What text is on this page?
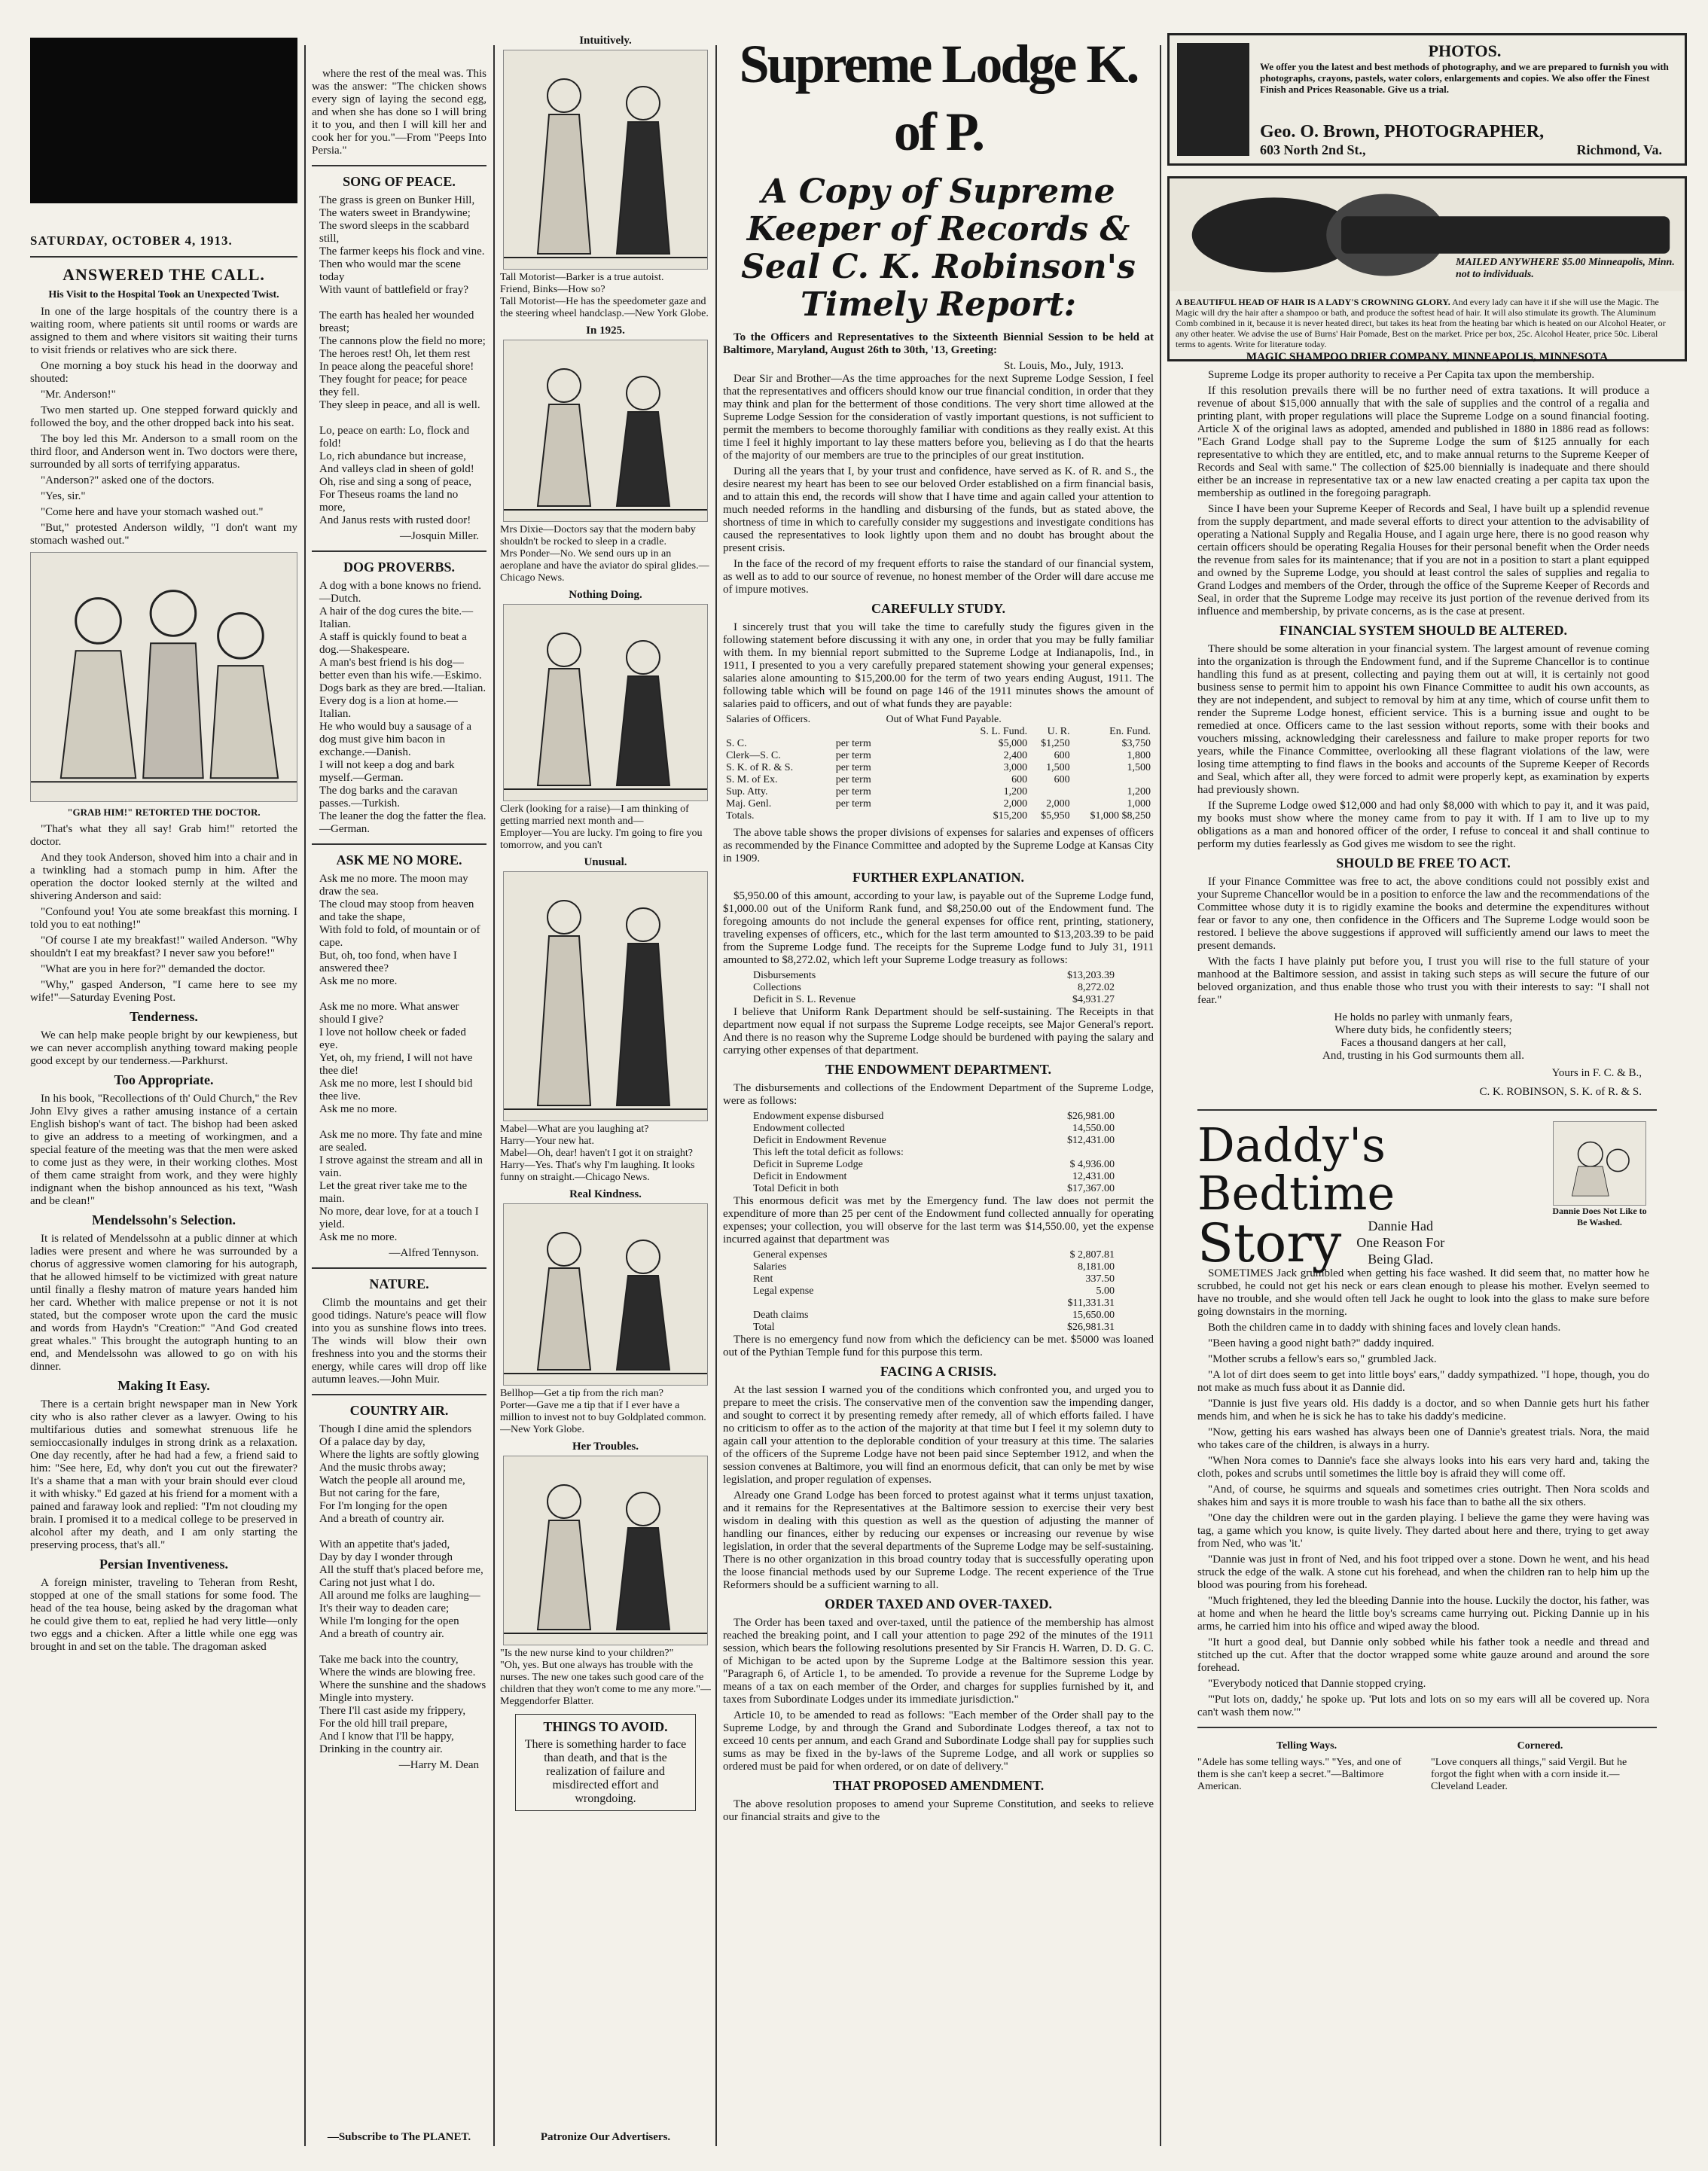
SATURDAY, OCTOBER 4, 1913.
ANSWERED THE CALL.
His Visit to the Hospital Took an Unexpected Twist.

In one of the large hospitals of the country there is a waiting room, where patients sit until rooms or wards are assigned to them and where visitors sit waiting their turns to visit friends or relatives who are sick there.

One morning a boy stuck his head in the doorway and shouted:

"Mr. Anderson!"

Two men started up. One stepped forward quickly and followed the boy, and the other dropped back into his seat.

The boy led this Mr. Anderson to a small room on the third floor, and Anderson went in. Two doctors were there, surrounded by all sorts of terrifying apparatus.

"Anderson?" asked one of the doctors.

"Yes, sir."

"Come here and have your stomach washed out."

"But," protested Anderson wildly, "I don't want my stomach washed out."

"GRAB HIM!" RETORTED THE DOCTOR.

"That's what they all say! Grab him!" retorted the doctor.

And they took Anderson, shoved him into a chair and in a twinkling had a stomach pump in him. After the operation the doctor looked sternly at the wilted and shivering Anderson and said:

"Confound you! You ate some breakfast this morning. I told you to eat nothing!"

"Of course I ate my breakfast!" wailed Anderson. "Why shouldn't I eat my breakfast? I never saw you before!"

"What are you in here for?" demanded the doctor.

"Why," gasped Anderson, "I came here to see my wife!"—Saturday Evening Post.

Tenderness.

We can help make people bright by our kewpieness, but we can never accomplish anything toward making people good except by our tenderness.—Parkhurst.

Too Appropriate.

In his book, "Recollections of th' Ould Church," the Rev John Elvy gives a rather amusing instance of a certain English bishop's want of tact. The bishop had been asked to give an address to a meeting of workingmen, and a special feature of the meeting was that the men were asked to come just as they were, in their working clothes. Most of them came straight from work, and they were highly indignant when the bishop announced as his text, "Wash and be clean!"

Mendelssohn's Selection.

It is related of Mendelssohn at a public dinner at which ladies were present and where he was surrounded by a chorus of aggressive women clamoring for his autograph, that he allowed himself to be victimized with great nature until finally a fleshy matron of mature years handed him her card. Whether with malice prepense or not it is not stated, but the composer wrote upon the card the music and words from Haydn's "Creation:" "And God created great whales." This brought the autograph hunting to an end, and Mendelssohn was allowed to go on with his dinner.

Making It Easy.

There is a certain bright newspaper man in New York city who is also rather clever as a lawyer. Owing to his multifarious duties and somewhat strenuous life he semioccasionally indulges in strong drink as a relaxation. One day recently, after he had had a few, a friend said to him: "See here, Ed, why don't you cut out the firewater? It's a shame that a man with your brain should ever cloud it with whisky." Ed gazed at his friend for a moment with a pained and faraway look and replied: "I'm not clouding my brain. I promised it to a medical college to be preserved in alcohol after my death, and I am only starting the preserving process, that's all."

Persian Inventiveness.

A foreign minister, traveling to Teheran from Resht, stopped at one of the small stations for some food. The head of the tea house, being asked by the dragoman what he could give them to eat, replied he had very little—only two eggs and a chicken. After a little while one egg was brought in and set on the table. The dragoman asked

where the rest of the meal was. This was the answer: "The chicken shows every sign of laying the second egg, and when she has done so I will bring it to you, and then I will kill her and cook her for you."—From "Peeps Into Persia."

SONG OF PEACE.
The grass is green on Bunker Hill,
The waters sweet in Brandywine;
The sword sleeps in the scabbard still,
The farmer keeps his flock and vine.
Then who would mar the scene today
With vaunt of battlefield or fray?

The earth has healed her wounded breast;
The cannons plow the field no more;
The heroes rest! Oh, let them rest
In peace along the peaceful shore!
They fought for peace; for peace they fell.
They sleep in peace, and all is well.

Lo, peace on earth: Lo, flock and fold!
Lo, rich abundance but increase,
And valleys clad in sheen of gold!
Oh, rise and sing a song of peace,
For Theseus roams the land no more,
And Janus rests with rusted door!
—Josquin Miller.
DOG PROVERBS.
A dog with a bone knows no friend.—Dutch.
A hair of the dog cures the bite.—Italian.
A staff is quickly found to beat a dog.—Shakespeare.
A man's best friend is his dog—better even than his wife.—Eskimo.
Dogs bark as they are bred.—Italian.
Every dog is a lion at home.—Italian.
He who would buy a sausage of a dog must give him bacon in exchange.—Danish.
I will not keep a dog and bark myself.—German.
The dog barks and the caravan passes.—Turkish.
The leaner the dog the fatter the flea.—German.
ASK ME NO MORE.
Ask me no more. The moon may draw the sea.
The cloud may stoop from heaven and take the shape,
With fold to fold, of mountain or of cape.
But, oh, too fond, when have I answered thee?
Ask me no more.

Ask me no more. What answer should I give?
I love not hollow cheek or faded eye.
Yet, oh, my friend, I will not have thee die!
Ask me no more, lest I should bid thee live.
Ask me no more.

Ask me no more. Thy fate and mine are sealed.
I strove against the stream and all in vain.
Let the great river take me to the main.
No more, dear love, for at a touch I yield.
Ask me no more.
—Alfred Tennyson.
NATURE.

Climb the mountains and get their good tidings. Nature's peace will flow into you as sunshine flows into trees. The winds will blow their own freshness into you and the storms their energy, while cares will drop off like autumn leaves.—John Muir.

COUNTRY AIR.
Though I dine amid the splendors
Of a palace day by day,
Where the lights are softly glowing
And the music throbs away;
Watch the people all around me,
But not caring for the fare,
For I'm longing for the open
And a breath of country air.

With an appetite that's jaded,
Day by day I wonder through
All the stuff that's placed before me,
Caring not just what I do.
All around me folks are laughing—
It's their way to deaden care;
While I'm longing for the open
And a breath of country air.

Take me back into the country,
Where the winds are blowing free.
Where the sunshine and the shadows
Mingle into mystery.
There I'll cast aside my frippery,
For the old hill trail prepare,
And I know that I'll be happy,
Drinking in the country air.
—Harry M. Dean
—Subscribe to The PLANET.
Intuitively.
Tall Motorist—Barker is a true autoist.
Friend, Binks—How so?
Tall Motorist—He has the speedometer gaze and the steering wheel handclasp.—New York Globe.
In 1925.
Mrs Dixie—Doctors say that the modern baby shouldn't be rocked to sleep in a cradle.
Mrs Ponder—No. We send ours up in an aeroplane and have the aviator do spiral glides.—Chicago News.
Nothing Doing.
Clerk (looking for a raise)—I am thinking of getting married next month and—
Employer—You are lucky. I'm going to fire you tomorrow, and you can't
Unusual.
Mabel—What are you laughing at?
Harry—Your new hat.
Mabel—Oh, dear! haven't I got it on straight?
Harry—Yes. That's why I'm laughing. It looks funny on straight.—Chicago News.
Real Kindness.
Bellhop—Get a tip from the rich man?
Porter—Gave me a tip that if I ever have a million to invest not to buy Goldplated common.—New York Globe.
Her Troubles.
"Is the new nurse kind to your children?"
"Oh, yes. But one always has trouble with the nurses. The new one takes such good care of the children that they won't come to me any more."—Meggendorfer Blatter.
THINGS TO AVOID.
There is something harder to face than death, and that is the realization of failure and misdirected effort and wrongdoing.
Patronize Our Advertisers.
Supreme Lodge K. of P.
A Copy of Supreme Keeper of Records & Seal C. K. Robinson's Timely Report:

To the Officers and Representatives to the Sixteenth Biennial Session to be held at Baltimore, Maryland, August 26th to 30th, '13, Greeting:

St. Louis, Mo., July, 1913.

Dear Sir and Brother—As the time approaches for the next Supreme Lodge Session, I feel that the representatives and officers should know our true financial condition, in order that they may think and plan for the betterment of those conditions. The very short time allowed at the Supreme Lodge Session for the consideration of vastly important questions, is not sufficient to permit the members to become thoroughly familiar with conditions as they really exist. At this time I feel it highly important to lay these matters before you, believing as I do that the hearts of the majority of our members are true to the principles of our great institution.

During all the years that I, by your trust and confidence, have served as K. of R. and S., the desire nearest my heart has been to see our beloved Order established on a firm financial basis, and to attain this end, the records will show that I have time and again called your attention to much needed reforms in the handling and disbursing of the funds, but as stated above, the shortness of time in which to carefully consider my suggestions and investigate conditions has caused the representatives to look lightly upon them and no doubt has brought about the present crisis.

In the face of the record of my frequent efforts to raise the standard of our financial system, as well as to add to our source of revenue, no honest member of the Order will dare accuse me of impure motives.

CAREFULLY STUDY.

I sincerely trust that you will take the time to carefully study the figures given in the following statement before discussing it with any one, in order that you may be fully familiar with them. In my biennial report submitted to the Supreme Lodge at Indianapolis, Ind., in 1911, I presented to you a very carefully prepared statement showing your general expenses; salaries alone amounting to $15,200.00 for the term of two years ending August, 1911. The following table which will be found on page 146 of the 1911 minutes shows the amount of salaries paid to officers, and out of what funds they are payable:

Salaries of Officers.		Out of What Fund Payable.		
		S. L. Fund.	U. R.	En. Fund.
S. C.	per term	$5,000	$1,250	$3,750
Clerk—S. C.	per term	2,400	600	1,800
S. K. of R. & S.	per term	3,000	1,500	1,500
S. M. of Ex.	per term	600	600	
Sup. Atty.	per term	1,200		1,200
Maj. Genl.	per term	2,000	2,000	1,000
Totals.		$15,200	$5,950	$1,000 $8,250

The above table shows the proper divisions of expenses for salaries and expenses of officers as recommended by the Finance Committee and adopted by the Supreme Lodge at Kansas City in 1909.

FURTHER EXPLANATION.

$5,950.00 of this amount, according to your law, is payable out of the Supreme Lodge fund, $1,000.00 out of the Uniform Rank fund, and $8,250.00 out of the Endowment fund. The foregoing amounts do not include the general expenses for office rent, printing, stationery, traveling expenses of officers, etc., which for the last term amounted to $13,203.39 to be paid from the Supreme Lodge fund. The receipts for the Supreme Lodge fund to July 31, 1911 amounted to $8,272.02, which left your Supreme Lodge treasury as follows:

Disbursements	$13,203.39
Collections	8,272.02
Deficit in S. L. Revenue	$4,931.27

I believe that Uniform Rank Department should be self-sustaining. The Receipts in that department now equal if not surpass the Supreme Lodge receipts, see Major General's report. And there is no reason why the Supreme Lodge should be burdened with paying the salary and carrying other expenses of that department.

THE ENDOWMENT DEPARTMENT.

The disbursements and collections of the Endowment Department of the Supreme Lodge, were as follows:

Endowment expense disbursed	$26,981.00
Endowment collected	14,550.00
Deficit in Endowment Revenue	$12,431.00
This left the total deficit as follows:
Deficit in Supreme Lodge	$ 4,936.00
Deficit in Endowment	12,431.00
Total Deficit in both	$17,367.00

This enormous deficit was met by the Emergency fund. The law does not permit the expenditure of more than 25 per cent of the Endowment fund collected annually for operating expenses; your collection, you will observe for the last term was $14,550.00, yet the expense incurred against that department was

General expenses	$ 2,807.81
Salaries	8,181.00
Rent	337.50
Legal expense	5.00
$11,331.31
Death claims	15,650.00
Total	$26,981.31

There is no emergency fund now from which the deficiency can be met. $5000 was loaned out of the Pythian Temple fund for this purpose this term.

FACING A CRISIS.

At the last session I warned you of the conditions which confronted you, and urged you to prepare to meet the crisis. The conservative men of the convention saw the impending danger, and sought to correct it by presenting remedy after remedy, all of which efforts failed. I have no criticism to offer as to the action of the majority at that time but I feel it my solemn duty to again call your attention to the deplorable condition of your treasury at this time. The salaries of the officers of the Supreme Lodge have not been paid since September 1912, and when the session convenes at Baltimore, you will find an enormous deficit, that can only be met by wise legislation, and proper regulation of expenses.

Already one Grand Lodge has been forced to protest against what it terms unjust taxation, and it remains for the Representatives at the Baltimore session to exercise their very best wisdom in dealing with this question as well as the question of adjusting the manner of handling our finances, either by reducing our expenses or increasing our revenue by wise legislation, in order that the several departments of the Supreme Lodge may be self-sustaining. There is no other organization in this broad country today that is successfully operating upon the loose financial methods used by our Supreme Lodge. The recent experience of the True Reformers should be a sufficient warning to all.

ORDER TAXED AND OVER-TAXED.

The Order has been taxed and over-taxed, until the patience of the membership has almost reached the breaking point, and I call your attention to page 292 of the minutes of the 1911 session, which bears the following resolutions presented by Sir Francis H. Warren, D. D. G. C. of Michigan to be acted upon by the Supreme Lodge at the Baltimore session this year. "Paragraph 6, of Article 1, to be amended. To provide a revenue for the Supreme Lodge by means of a tax on each member of the Order, and charges for supplies furnished by it, and taxes from Subordinate Lodges under its immediate jurisdiction."

Article 10, to be amended to read as follows: "Each member of the Order shall pay to the Supreme Lodge, by and through the Grand and Subordinate Lodges thereof, a tax not to exceed 10 cents per annum, and each Grand and Subordinate Lodge shall pay for supplies such sums as may be fixed in the by-laws of the Supreme Lodge, and all work or supplies so ordered must be paid for when ordered, or on date of delivery."

THAT PROPOSED AMENDMENT.

The above resolution proposes to amend your Supreme Constitution, and seeks to relieve our financial straits and give to the

PHOTOS.
We offer you the latest and best methods of photography, and we are prepared to furnish you with photographs, crayons, pastels, water colors, enlargements and copies. We also offer the Finest Finish and Prices Reasonable. Give us a trial.
Geo. O. Brown, PHOTOGRAPHER,
603 North 2nd St.,	Richmond, Va.
MAILED ANYWHERE $5.00 Minneapolis, Minn. not to individuals.
A BEAUTIFUL HEAD OF HAIR IS A LADY'S CROWNING GLORY. And every lady can have it if she will use the Magic. The Magic will dry the hair after a shampoo or bath, and produce the softest head of hair. It will also stimulate its growth. The Aluminum Comb combined in it, because it is never heated direct, but takes its heat from the heating bar which is heated on our Alcohol Heater, or any other heater. We advise the use of Burns' Hair Pomade, Best on the market. Price per box, 25c. Alcohol Heater, price 50c. Liberal terms to agents. Write for literature today.
MAGIC SHAMPOO DRIER COMPANY, MINNEAPOLIS, MINNESOTA

Supreme Lodge its proper authority to receive a Per Capita tax upon the membership.

If this resolution prevails there will be no further need of extra taxations. It will produce a revenue of about $15,000 annually that with the sale of supplies and the control of a regalia and printing plant, with proper regulations will place the Supreme Lodge on a sound financial footing. Article X of the original laws as adopted, amended and published in 1880 in 1886 read as follows: "Each Grand Lodge shall pay to the Supreme Lodge the sum of $125 annually for each representative to which they are entitled, etc, and to make annual returns to the Supreme Keeper of Records and Seal with same." The collection of $25.00 biennially is inadequate and there should either be an increase in representative tax or a new law enacted creating a per capita tax upon the membership as outlined in the foregoing paragraph.

Since I have been your Supreme Keeper of Records and Seal, I have built up a splendid revenue from the supply department, and made several efforts to direct your attention to the advisability of operating a National Supply and Regalia House, and I again urge here, there is no good reason why certain officers should be operating Regalia Houses for their personal benefit when the Order needs the revenue from sales for its maintenance; that if you are not in a position to start a plant equipped and owned by the Supreme Lodge, you should at least control the sales of supplies and regalia to Grand Lodges and members of the Order, through the office of the Supreme Keeper of Records and Seal, in order that the Supreme Lodge may receive its just portion of the revenue derived from its influence and membership, by private concerns, as is the case at present.

FINANCIAL SYSTEM SHOULD BE ALTERED.

There should be some alteration in your financial system. The largest amount of revenue coming into the organization is through the Endowment fund, and if the Supreme Chancellor is to continue handling this fund as at present, collecting and paying them out at will, it is certainly not good business sense to permit him to appoint his own Finance Committee to audit his own accounts, as they are not independent, and subject to removal by him at any time, which of course unfit them to render the Supreme Lodge honest, efficient service. This is a burning issue and ought to be remedied at once. Officers came to the last session without reports, some with their books and vouchers missing, acknowledging their carelessness and failure to make proper reports for two years, while the Finance Committee, overlooking all these flagrant violations of the law, were losing time attempting to find flaws in the books and accounts of the Supreme Keeper of Records and Seal, which after all, they were forced to admit were properly kept, as examination by experts had previously shown.

If the Supreme Lodge owed $12,000 and had only $8,000 with which to pay it, and it was paid, my books must show where the money came from to pay it with. If I am to live up to my obligations as a man and honored officer of the order, I refuse to conceal it and shall continue to perform my duties fearlessly as God gives me wisdom to see the right.

SHOULD BE FREE TO ACT.

If your Finance Committee was free to act, the above conditions could not possibly exist and your Supreme Chancellor would be in a position to enforce the law and the recommendations of the Committee whose duty it is to rigidly examine the books and determine the expenditures without fear or favor to any one, then confidence in the Officers and The Supreme Lodge would soon be restored. I believe the above suggestions if approved will sufficiently amend our laws to meet the present demands.

With the facts I have plainly put before you, I trust you will rise to the full stature of your manhood at the Baltimore session, and assist in taking such steps as will secure the future of our beloved organization, and thus enable those who trust you with their interests to say: "I shall not fear."

He holds no parley with unmanly fears,
Where duty bids, he confidently steers;
Faces a thousand dangers at her call,
And, trusting in his God surmounts them all.
Yours in F. C. & B.,
C. K. ROBINSON, S. K. of R. & S.
Daddy's Bedtime
Story	Dannie Had
One Reason For
Being Glad.
Dannie Does Not Like to Be Washed.

SOMETIMES Jack grumbled when getting his face washed. It did seem that, no matter how he scrubbed, he could not get his neck or ears clean enough to please his mother. Evelyn seemed to have no trouble, and she would often tell Jack he ought to look into the glass to make sure before going downstairs in the morning.

Both the children came in to daddy with shining faces and lovely clean hands.

"Been having a good night bath?" daddy inquired.

"Mother scrubs a fellow's ears so," grumbled Jack.

"A lot of dirt does seem to get into little boys' ears," daddy sympathized. "I hope, though, you do not make as much fuss about it as Dannie did.

"Dannie is just five years old. His daddy is a doctor, and so when Dannie gets hurt his father mends him, and when he is sick he has to take his daddy's medicine.

"Now, getting his ears washed has always been one of Dannie's greatest trials. Nora, the maid who takes care of the children, is always in a hurry.

"When Nora comes to Dannie's face she always looks into his ears very hard and, taking the cloth, pokes and scrubs until sometimes the little boy is afraid they will come off.

"And, of course, he squirms and squeals and sometimes cries outright. Then Nora scolds and shakes him and says it is more trouble to wash his face than to bathe all the six others.

"One day the children were out in the garden playing. I believe the game they were having was tag, a game which you know, is quite lively. They darted about here and there, trying to get away from Ned, who was 'it.'

"Dannie was just in front of Ned, and his foot tripped over a stone. Down he went, and his head struck the edge of the walk. A stone cut his forehead, and when the children ran to help him up the blood was pouring from his forehead.

"Much frightened, they led the bleeding Dannie into the house. Luckily the doctor, his father, was at home and when he heard the little boy's screams came hurrying out. Picking Dannie up in his arms, he carried him into his office and wiped away the blood.

"It hurt a good deal, but Dannie only sobbed while his father took a needle and thread and stitched up the cut. After that the doctor wrapped some white gauze around and around the sore forehead.

"Everybody noticed that Dannie stopped crying.

"'Put lots on, daddy,' he spoke up. 'Put lots and lots on so my ears will all be covered up. Nora can't wash them now.'"

Telling Ways.
"Adele has some telling ways." "Yes, and one of them is she can't keep a secret."—Baltimore American.
Cornered.
"Love conquers all things," said Vergil. But he forgot the fight when with a corn inside it.—Cleveland Leader.
